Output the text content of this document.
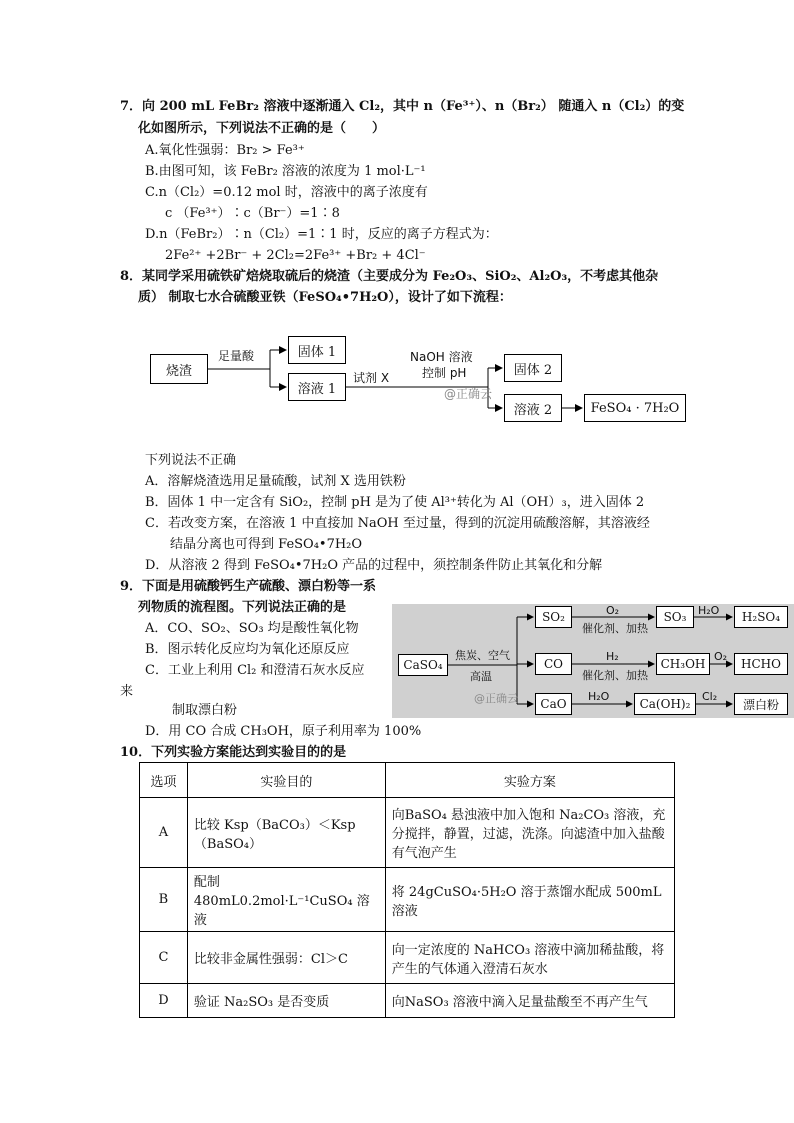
7．向 200 mL FeBr₂ 溶液中逐渐通入 Cl₂，其中 n（Fe³⁺）、n（Br₂） 随通入 n（Cl₂）的变
化如图所示，下列说法不正确的是（　　）
A.氧化性强弱：Br₂ > Fe³⁺
B.由图可知，该 FeBr₂ 溶液的浓度为 1 mol·L⁻¹
C.n（Cl₂）=0.12 mol 时，溶液中的离子浓度有
c （Fe³⁺）∶c（Br⁻）=1∶8
D.n（FeBr₂）∶n（Cl₂）=1∶1 时，反应的离子方程式为：
2Fe²⁺ +2Br⁻ + 2Cl₂=2Fe³⁺ +Br₂ + 4Cl⁻
8．某同学采用硫铁矿焙烧取硫后的烧渣（主要成分为 Fe₂O₃、SiO₂、Al₂O₃，不考虑其他杂
质） 制取七水合硫酸亚铁（FeSO₄•7H₂O），设计了如下流程：
烧渣
足量酸	固体 1
溶液 1
试剂 X
NaOH 溶液
控制 pH
@正确云
固体 2
溶液 2	FeSO₄ · 7H₂O
下列说法不正确
A．溶解烧渣选用足量硫酸，试剂 X 选用铁粉
B．固体 1 中一定含有 SiO₂，控制 pH 是为了使 Al³⁺转化为 Al（OH）₃，进入固体 2
C．若改变方案，在溶液 1 中直接加 NaOH 至过量，得到的沉淀用硫酸溶解，其溶液经
结晶分离也可得到 FeSO₄•7H₂O
D．从溶液 2 得到 FeSO₄•7H₂O 产品的过程中，须控制条件防止其氧化和分解
9．下面是用硫酸钙生产硫酸、漂白粉等一系
列物质的流程图。下列说法正确的是
A．CO、SO₂、SO₃ 均是酸性氧化物
B．图示转化反应均为氧化还原反应
C．工业上利用 Cl₂ 和澄清石灰水反应
来
制取漂白粉
D．用 CO 合成 CH₃OH，原子利用率为 100%
CaSO₄
焦炭、空气
高温
@正确云
SO₂	O₂
催化剂、加热
SO₃	H₂O	H₂SO₄
CO
H₂
催化剂、加热
CH₃OH
O₂
HCHO
CaO
H₂O
Ca(OH)₂
Cl₂
漂白粉
10．下列实验方案能达到实验目的的是
选项	实验目的	实验方案
A	比较 Ksp（BaCO₃）＜Ksp（BaSO₄）	向BaSO₄ 悬浊液中加入饱和 Na₂CO₃ 溶液，充分搅拌，静置，过滤，洗涤。向滤渣中加入盐酸有气泡产生
B	配制 480mL0.2mol·L⁻¹CuSO₄ 溶液	将 24gCuSO₄·5H₂O 溶于蒸馏水配成 500mL 溶液
C	比较非金属性强弱：Cl＞C	向一定浓度的 NaHCO₃ 溶液中滴加稀盐酸，将产生的气体通入澄清石灰水
D	验证 Na₂SO₃ 是否变质	向NaSO₃ 溶液中滴入足量盐酸至不再产生气
